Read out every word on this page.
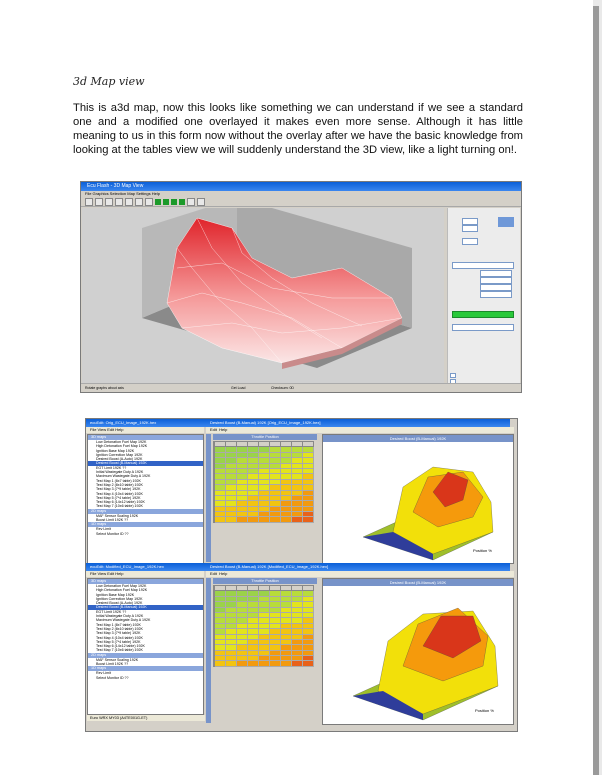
3d Map view
This is a3d map, now this looks like something we can understand if we see a standard one and a modified one overlayed it makes even more sense. Although it has little meaning to us in this form now without the overlay after we have the basic knowledge from looking at the tables view we will suddenly understand the 3D view, like a light turning on!.
Ecu Flash - 3D Map View
File Graphics Selection Map Settings Help
Rotate graphs about axis	Get Load	Checksum: 0D
ecuEdit: Orig_ECU_Image_192K.hex
File View Edit Help
3D maps
Low Detonation Fuel Map 192K
High Detonation Fuel Map 192K
Ignition Base Map 192K
Ignition Correction Map 192K
Desired Boost (A-Auto) 192K
Desired Boost (B-Manual) 192K
EGT Limit 192K ??
Initial Wastegate Duty A 192K
Maximum Wastegate Duty A 192K
Test Map 1 (8x7 table) 192K
Test Map 2 (8x10 table) 192K
Test Map 3 (7*9 table) 192K
Test Map 4 (10x4 table) 192K
Test Map 5 (7*4 table) 192K
Test Map 6 (14x12 table) 192K
Test Map 7 (10x6 table) 192K
2D maps
MAF Sensor Scaling 192K
Boost Limit 192K ??
1D maps
Rev Limit
Select Monitor ID ??
Desired Boost (B-Manual) 192K [Orig_ECU_Image_192K.hex]
Edit Help
Throttle Position

										Desired Boost (B-Manual) 192K
Position %
ecuEdit: Modified_ECU_Image_192K.hex
File View Edit Help
3D maps
Low Detonation Fuel Map 192K
High Detonation Fuel Map 192K
Ignition Base Map 192K
Ignition Correction Map 192K
Desired Boost (A-Auto) 192K
Desired Boost (B-Manual) 192K
EGT Limit 192K ??
Initial Wastegate Duty A 192K
Maximum Wastegate Duty A 192K
Test Map 1 (8x7 table) 192K
Test Map 2 (8x10 table) 192K
Test Map 3 (7*9 table) 192K
Test Map 4 (10x4 table) 192K
Test Map 5 (7*4 table) 192K
Test Map 6 (14x12 table) 192K
Test Map 7 (10x6 table) 192K
2D maps
MAF Sensor Scaling 192K
Boost Limit 192K ??
1D maps
Rev Limit
Select Monitor ID ??
Euro WRX MY03 (A4TE001G-ET)
Desired Boost (B-Manual) 192K [Modified_ECU_Image_192K.hex]
Edit Help
Throttle Position

										Desired Boost (B-Manual) 192K
Position %
